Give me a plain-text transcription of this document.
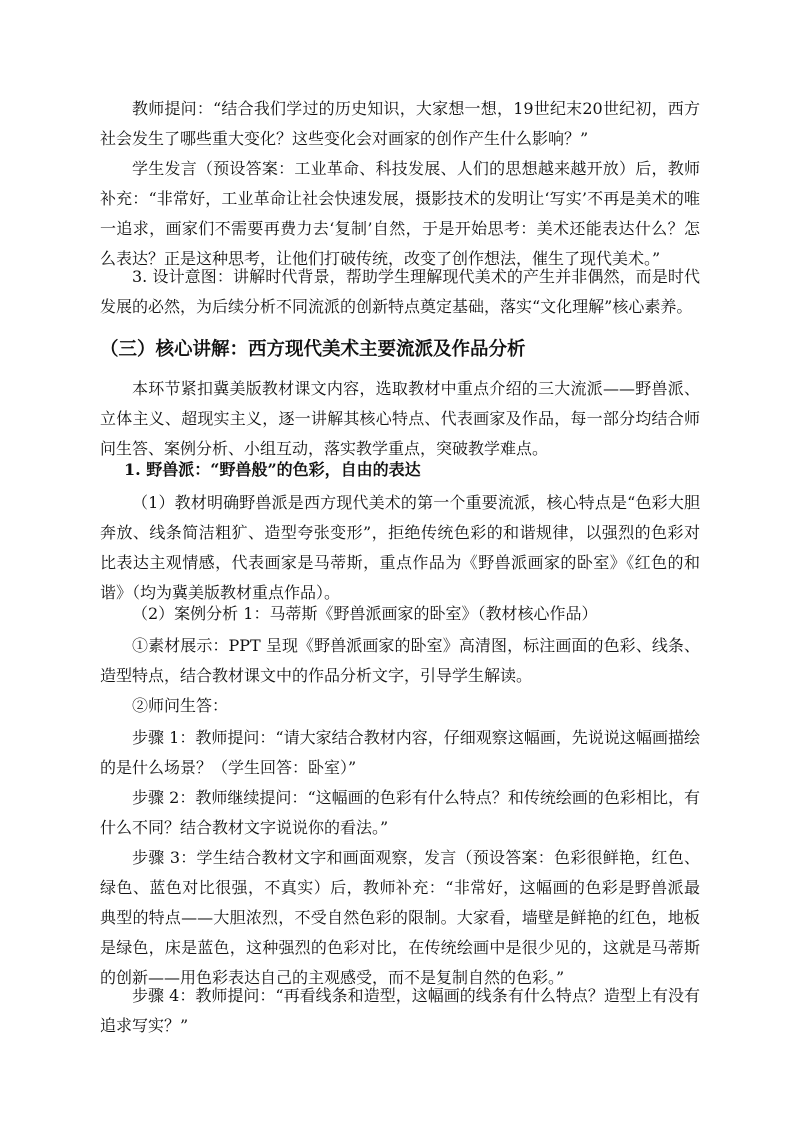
教师提问：“结合我们学过的历史知识，大家想一想，19世纪末20世纪初，西方社会发生了哪些重大变化？这些变化会对画家的创作产生什么影响？”

学生发言（预设答案：工业革命、科技发展、人们的思想越来越开放）后，教师补充：“非常好，工业革命让社会快速发展，摄影技术的发明让‘写实’不再是美术的唯一追求，画家们不需要再费力去‘复制’自然，于是开始思考：美术还能表达什么？怎么表达？正是这种思考，让他们打破传统，改变了创作想法，催生了现代美术。”

3. 设计意图：讲解时代背景，帮助学生理解现代美术的产生并非偶然，而是时代发展的必然，为后续分析不同流派的创新特点奠定基础，落实“文化理解”核心素养。

（三）核心讲解：西方现代美术主要流派及作品分析

本环节紧扣冀美版教材课文内容，选取教材中重点介绍的三大流派——野兽派、立体主义、超现实主义，逐一讲解其核心特点、代表画家及作品，每一部分均结合师问生答、案例分析、小组互动，落实教学重点，突破教学难点。

1. 野兽派：“野兽般”的色彩，自由的表达

（1）教材明确野兽派是西方现代美术的第一个重要流派，核心特点是“色彩大胆奔放、线条简洁粗犷、造型夸张变形”，拒绝传统色彩的和谐规律，以强烈的色彩对比表达主观情感，代表画家是马蒂斯，重点作品为《野兽派画家的卧室》《红色的和谐》（均为冀美版教材重点作品）。

（2）案例分析 1：马蒂斯《野兽派画家的卧室》（教材核心作品）

①素材展示：PPT 呈现《野兽派画家的卧室》高清图，标注画面的色彩、线条、造型特点，结合教材课文中的作品分析文字，引导学生解读。

②师问生答：

步骤 1：教师提问：“请大家结合教材内容，仔细观察这幅画，先说说这幅画描绘的是什么场景？（学生回答：卧室）”

步骤 2：教师继续提问：“这幅画的色彩有什么特点？和传统绘画的色彩相比，有什么不同？结合教材文字说说你的看法。”

步骤 3：学生结合教材文字和画面观察，发言（预设答案：色彩很鲜艳，红色、绿色、蓝色对比很强，不真实）后，教师补充：“非常好，这幅画的色彩是野兽派最典型的特点——大胆浓烈，不受自然色彩的限制。大家看，墙壁是鲜艳的红色，地板是绿色，床是蓝色，这种强烈的色彩对比，在传统绘画中是很少见的，这就是马蒂斯的创新——用色彩表达自己的主观感受，而不是复制自然的色彩。”

步骤 4：教师提问：“再看线条和造型，这幅画的线条有什么特点？造型上有没有追求写实？”
